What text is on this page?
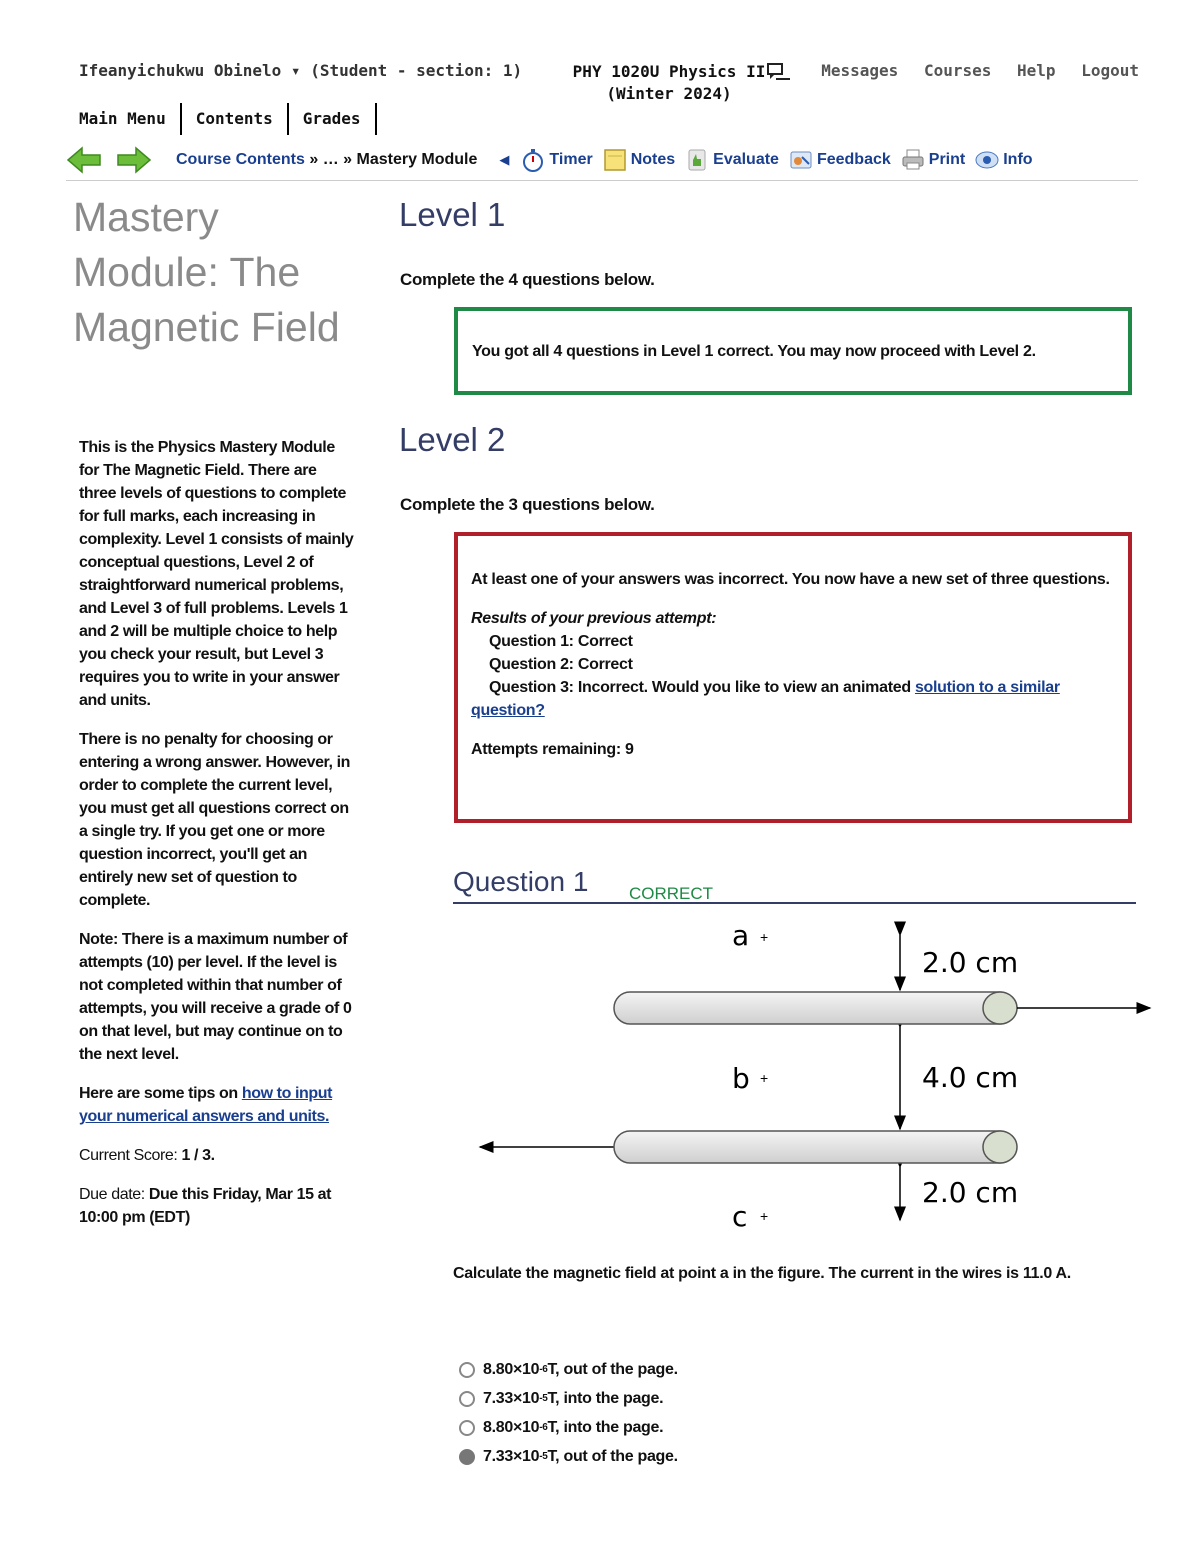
Ifeanyichukwu Obinelo ▾ (Student - section: 1)	PHY 1020U Physics II
(Winter 2024)
Messages Courses Help Logout
Main Menu	Contents	Grades
Course Contents » … » Mastery Module ◀	Timer Notes Evaluate Feedback Print Info
Mastery Module: The Magnetic Field

This is the Physics Mastery Module for The Magnetic Field. There are three levels of questions to complete for full marks, each increasing in complexity. Level 1 consists of mainly conceptual questions, Level 2 of straightforward numerical problems, and Level 3 of full problems. Levels 1 and 2 will be multiple choice to help you check your result, but Level 3 requires you to write in your answer and units.

There is no penalty for choosing or entering a wrong answer. However, in order to complete the current level, you must get all questions correct on a single try. If you get one or more question incorrect, you'll get an entirely new set of question to complete.

Note: There is a maximum number of attempts (10) per level. If the level is not completed within that number of attempts, you will receive a grade of 0 on that level, but may continue on to the next level.

Here are some tips on how to input your numerical answers and units.

Current Score: 1 / 3.

Due date: Due this Friday, Mar 15 at 10:00 pm (EDT)

Level 1
Complete the 4 questions below.
You got all 4 questions in Level 1 correct. You may now proceed with Level 2.
Level 2
Complete the 3 questions below.

At least one of your answers was incorrect. You now have a new set of three questions.

Results of your previous attempt:
Question 1: Correct
Question 2: Correct
Question 3: Incorrect. Would you like to view an animated solution to a similar question?

Attempts remaining: 9

Question 1 CORRECT
a +
b +
c +
2.0 cm
4.0 cm
2.0 cm
Calculate the magnetic field at point a in the figure. The current in the wires is 11.0 A.
8.80×10 -6 T, out of the page.
7.33×10 -5 T, into the page.
8.80×10 -6 T, into the page.
7.33×10 -5 T, out of the page.
